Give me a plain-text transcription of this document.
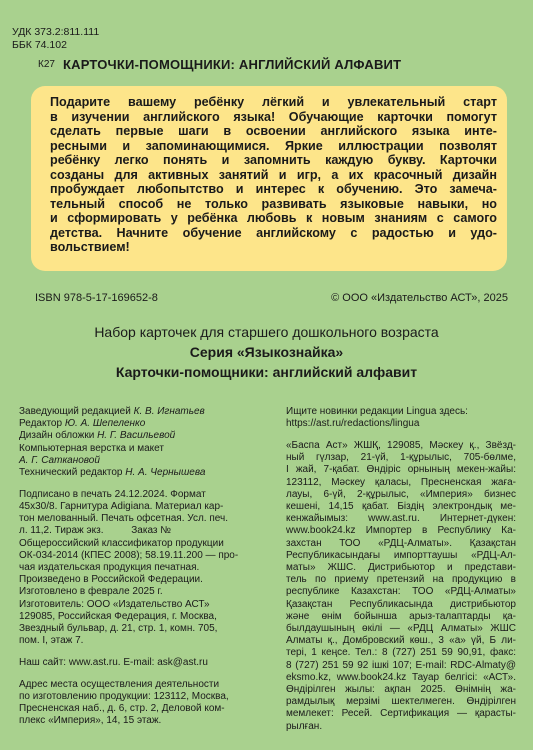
УДК 373.2:811.111
ББК 74.102
К27 КАРТОЧКИ-ПОМОЩНИКИ: АНГЛИЙСКИЙ АЛФАВИТ

Подарите вашему ребёнку лёгкий и увлекательный старт
в изучении английского языка! Обучающие карточки помогут
сделать первые шаги в освоении английского языка инте-
ресными и запоминающимися. Яркие иллюстрации позволят
ребёнку легко понять и запомнить каждую букву. Карточки
созданы для активных занятий и игр, а их красочный дизайн
пробуждает любопытство и интерес к обучению. Это замеча-
тельный способ не только развивать языковые навыки, но
и сформировать у ребёнка любовь к новым знаниям с самого
детства. Начните обучение английскому с радостью и удо-
вольствием!

ISBN 978-5-17-169652-8	© ООО «Издательство АСТ», 2025
Набор карточек для старшего дошкольного возраста
Серия «Языкознайка»
Карточки-помощники: английский алфавит
Заведующий редакцией К. В. Игнатьев
Редактор Ю. А. Шепеленко
Дизайн обложки Н. Г. Васильевой
Компьютерная верстка и макет
А. Г. Саткановой
Технический редактор Н. А. Чернышева
Подписано в печать 24.12.2024. Формат
45х30/8. Гарнитура Adigiana. Материал кар-
тон мелованный. Печать офсетная. Усл. печ.
л. 11,2. Тираж экз.          Заказ №
Общероссийский классификатор продукции
ОК-034-2014 (КПЕС 2008); 58.19.11.200 — про-
чая издательская продукция печатная.
Произведено в Российской Федерации.
Изготовлено в феврале 2025 г.
Изготовитель: ООО «Издательство АСТ»
129085, Российская Федерация, г. Москва,
Звездный бульвар, д. 21, стр. 1, комн. 705,
пом. I, этаж 7.
Наш сайт: www.ast.ru. E-mail: ask@ast.ru
Адрес места осуществления деятельности
по изготовлению продукции: 123112, Москва,
Пресненская наб., д. 6, стр. 2, Деловой ком-
плекс «Империя», 14, 15 этаж.
Ищите новинки редакции Lingua здесь:
https://ast.ru/redactions/lingua
«Баспа Аст» ЖШҚ, 129085, Мәскеу қ., Звёзд-
ный гүлзар, 21-үй, 1-құрылыс, 705-бөлме,
I жай, 7-қабат. Өндіріс орнының мекен-жайы:
123112, Мәскеу қаласы, Пресненская жаға-
лауы, 6-үй, 2-құрылыс, «Империя» бизнес
кешені, 14,15 қабат. Біздің электрондық ме-
кенжайымыз: www.ast.ru. Интернет-дүкен:
www.book24.kz Импортер в Республику Ка-
захстан ТОО «РДЦ-Алматы». Қазақстан
Республикасындағы импорттаушы «РДЦ-Ал-
маты» ЖШС. Дистрибьютор и представи-
тель по приему претензий на продукцию в
республике Казахстан: ТОО «РДЦ-Алматы»
Қазақстан Республикасында дистрибьютор
және өнім бойынша арыз-талаптарды қа-
былдаушының өкілі — «РДЦ Алматы» ЖШС
Алматы қ., Домбровский көш., 3 «а» үй, Б ли-
тері, 1 кеңсе. Тел.: 8 (727) 251 59 90,91, факс:
8 (727) 251 59 92 ішкі 107; E-mail: RDC-Almaty@
eksmo.kz, www.book24.kz Тауар белгісі: «АСТ».
Өндірілген жылы: ақпан 2025. Өнімнің жа-
рамдылық мерзімі шектелмеген. Өндірілген
мемлекет: Ресей. Сертификация — қарасты-
рылған.
